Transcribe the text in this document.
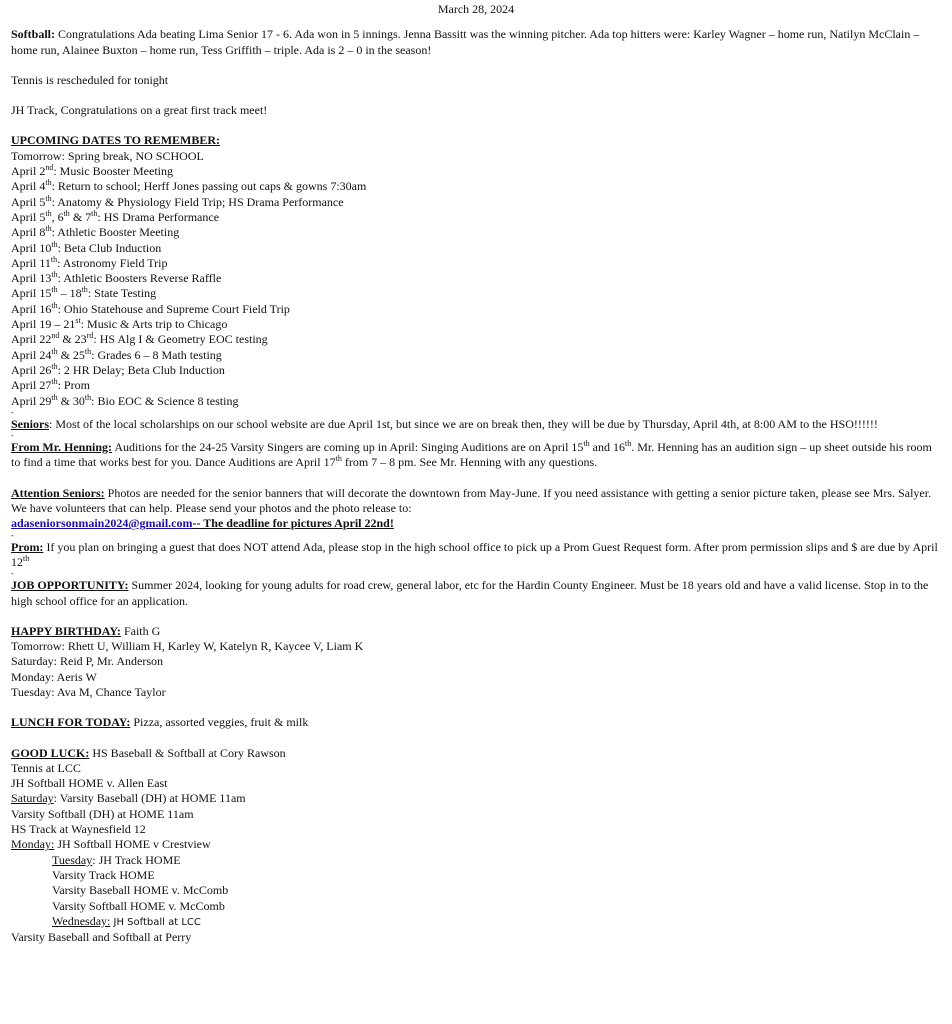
March 28, 2024

Softball: Congratulations Ada beating Lima Senior 17 - 6. Ada won in 5 innings. Jenna Bassitt was the winning pitcher. Ada top hitters were: Karley Wagner – home run, Natilyn McClain – home run, Alainee Buxton – home run, Tess Griffith – triple. Ada is 2 – 0 in the season!

Tennis is rescheduled for tonight

JH Track, Congratulations on a great first track meet!

UPCOMING DATES TO REMEMBER:

Tomorrow: Spring break, NO SCHOOL

April 2nd: Music Booster Meeting

April 4th: Return to school; Herff Jones passing out caps & gowns 7:30am

April 5th: Anatomy & Physiology Field Trip; HS Drama Performance

April 5th, 6th & 7th: HS Drama Performance

April 8th: Athletic Booster Meeting

April 10th: Beta Club Induction

April 11th: Astronomy Field Trip

April 13th: Athletic Boosters Reverse Raffle

April 15th – 18th: State Testing

April 16th: Ohio Statehouse and Supreme Court Field Trip

April 19 – 21st: Music & Arts trip to Chicago

April 22nd & 23rd: HS Alg I & Geometry EOC testing

April 24th & 25th: Grades 6 – 8 Math testing

April 26th: 2 HR Delay; Beta Club Induction

April 27th: Prom

April 29th & 30th: Bio EOC & Science 8 testing

-

Seniors: Most of the local scholarships on our school website are due April 1st, but since we are on break then, they will be due by Thursday, April 4th, at 8:00 AM to the HSO!!!!!!

-

From Mr. Henning: Auditions for the 24-25 Varsity Singers are coming up in April: Singing Auditions are on April 15th and 16th. Mr. Henning has an audition sign – up sheet outside his room to find a time that works best for you. Dance Auditions are April 17th from 7 – 8 pm. See Mr. Henning with any questions.

Attention Seniors: Photos are needed for the senior banners that will decorate the downtown from May-June. If you need assistance with getting a senior picture taken, please see Mrs. Salyer. We have volunteers that can help. Please send your photos and the photo release to:
adaseniorsonmain2024@gmail.com-- The deadline for pictures April 22nd!

-

Prom: If you plan on bringing a guest that does NOT attend Ada, please stop in the high school office to pick up a Prom Guest Request form. After prom permission slips and $ are due by April 12th

-

JOB OPPORTUNITY: Summer 2024, looking for young adults for road crew, general labor, etc for the Hardin County Engineer. Must be 18 years old and have a valid license. Stop in to the high school office for an application.

HAPPY BIRTHDAY: Faith G

Tomorrow: Rhett U, William H, Karley W, Katelyn R, Kaycee V, Liam K

Saturday: Reid P, Mr. Anderson

Monday: Aeris W

Tuesday: Ava M, Chance Taylor

LUNCH FOR TODAY: Pizza, assorted veggies, fruit & milk

GOOD LUCK: HS Baseball & Softball at Cory Rawson

Tennis at LCC

JH Softball HOME v. Allen East

Saturday: Varsity Baseball (DH) at HOME 11am

Varsity Softball (DH) at HOME 11am

HS Track at Waynesfield 12

Monday: JH Softball HOME v Crestview

Tuesday: JH Track HOME

Varsity Track HOME

Varsity Baseball HOME v. McComb

Varsity Softball HOME v. McComb

Wednesday: JH Softball at LCC

Varsity Baseball and Softball at Perry
